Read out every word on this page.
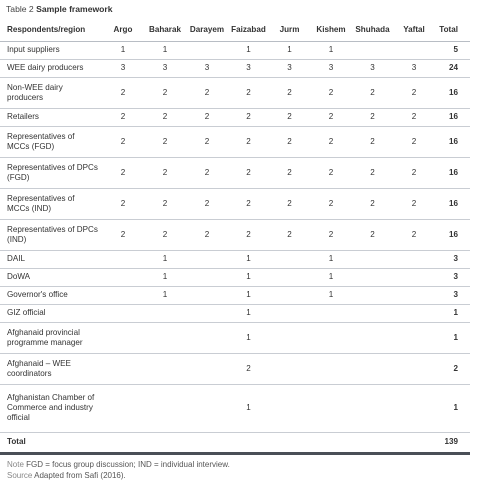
Table 2 Sample framework
Respondents/region	Argo	Baharak	Darayem	Faizabad	Jurm	Kishem	Shuhada	Yaftal	Total
Input suppliers	1	1		1	1	1			5
WEE dairy producers	3	3	3	3	3	3	3	3	24
Non-WEE dairy producers	2	2	2	2	2	2	2	2	16
Retailers	2	2	2	2	2	2	2	2	16
Representatives of MCCs (FGD)	2	2	2	2	2	2	2	2	16
Representatives of DPCs (FGD)	2	2	2	2	2	2	2	2	16
Representatives of MCCs (IND)	2	2	2	2	2	2	2	2	16
Representatives of DPCs (IND)	2	2	2	2	2	2	2	2	16
DAIL		1		1		1			3
DoWA		1		1		1			3
Governor's office		1		1		1			3
GIZ official				1					1
Afghanaid provincial programme manager				1					1
Afghanaid – WEE coordinators				2					2
Afghanistan Chamber of Commerce and industry official				1					1
Total									139
Note FGD = focus group discussion; IND = individual interview.
Source Adapted from Safi (2016).
